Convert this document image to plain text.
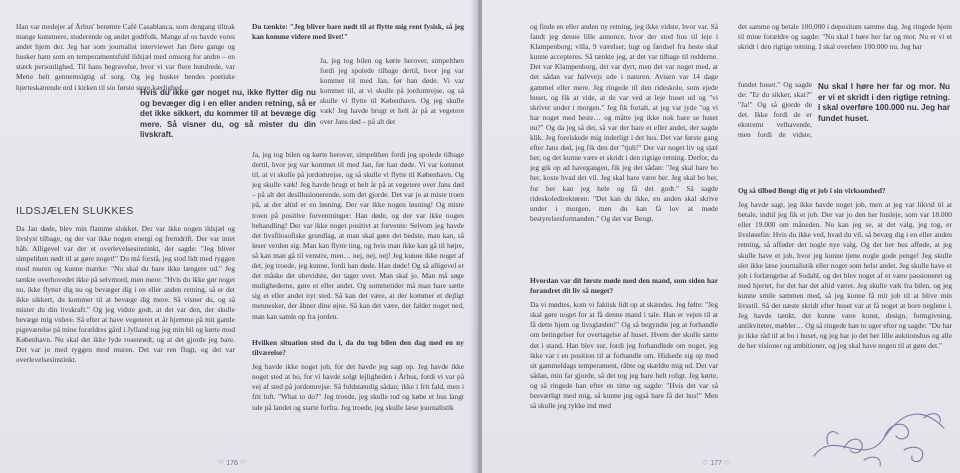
Han var medejer af Århus' berømte Café Casablanca, som dengang tiltrak mange kunstnere, studerende og andet godtfolk. Mange af os havde vores andet hjem der. Jeg har som journalist interviewet Jan flere gange og husker ham som en temperamentsfuld ildsjæl med omsorg for andre – en stærk personlighed. Til hans begravelse, hvor vi var flere hundrede, var Mette helt gennemsigtig af sorg. Og jeg husker hendes poetiske hjerteskærende ord i kirken til sin første store kærlighed…

ILDSJÆLEN SLUKKES

Da Jan døde, blev min flamme slukket. Der var ikke nogen ildsjæl og livslyst tilbage, og der var ikke nogen energi og fremdrift. Der var intet håb. Alligevel var der et overlevelsesinstinkt, der sagde: "Jeg bliver simpelthen nødt til at gøre noget!" Du må forstå, jeg stod lidt med ryggen mod muren og kunne mærke: "Nu skal du bare ikke længere ud." Jeg tænkte overhovedet ikke på selvmord, men mere: "Hvis du ikke gør noget nu, ikke flytter dig nu og bevæger dig i en eller anden retning, så er det ikke sikkert, du kommer til at bevæge dig mere. Så visner du, og så mister du din livskraft." Og jeg vidste godt, at det var den, der skulle bevæge mig videre. Så efter at have vegeteret et år hjemme på mit gamle pigeværelse på mine forældres gård i Jylland tog jeg min bil og kørte mod København. Nu skal det ikke lyde rosenrødt, og at det gjorde jeg bare. Det var jo med ryggen mod muren. Det var ren flugt, og det var overlevelsesinstinkt.

Du tænkte: "Jeg bliver bare nødt til at flytte mig rent fysisk, så jeg kan komme videre med livet!"

Ja, jeg tog bilen og kørte herover, simpelthen fordi jeg spolede tilbage dertil, hvor jeg var kommet til med Jan, før han døde. Vi var kommet til, at vi skulle på jordomrejse, og så skulle vi flytte til København. Og jeg skulle væk! Jeg havde brugt et helt år på at vegetere over Jans død – på alt det

Hvis du ikke gør noget nu, ikke flytter dig nu og bevæger dig i en eller anden retning, så er det ikke sikkert, du kommer til at bevæge dig mere. Så visner du, og så mister du din livskraft.

Ja, jeg tog bilen og kørte herover, simpelthen fordi jeg spolede tilbage dertil, hvor jeg var kommet til med Jan, før han døde. Vi var kommet til, at vi skulle på jordomrejse, og så skulle vi flytte til København. Og jeg skulle væk! Jeg havde brugt et helt år på at vegetere over Jans død – på alt det desillusionerende, som det gjorde. Det var jo at miste troen på, at der altid er en løsning. Der var ikke nogen løsning! Og miste troen på positive forventninger: Han døde, og der var ikke nogen behandling! Der var ikke noget positivt at forvente: Selvom jeg havde det livsfilosofiske grundlag, at man skal gøre det bedste, man kan, så løser verden sig. Man kan flytte ting, og hvis man ikke kan gå til højre, så kan man gå til venstre, men… nej, nej, nej! Jeg kunne ikke noget af det, jeg troede, jeg kunne, fordi han døde. Han døde! Og så alligevel er det måske det ubevidste, der tager over. Man skal jo. Man må søge mulighederne, gøre et eller andet. Og sommetider må man bare sætte sig et eller andet nyt sted. Så kan det være, at der kommer et dejligt mennesker, der åbner dine øjne. Så kan det være, der falder noget ned, man kan samle op fra jorden.

Hvilken situation stod du i, da du tog bilen den dag med en ny tilværelse?

Jeg havde ikke noget job, for det havde jeg sagt op. Jeg havde ikke noget sted at bo, for vi havde solgt lejligheden i Århus, fordi vi var på vej af sted på jordomrejse. Så fuldstændig sådan; ikke i frit fald, men i frit luft. "What to do?" Jeg troede, jeg skulle tud og købe et hus langt ude på landet og starte forfra. Jeg troede, jeg skulle læse journalistik

♡ 176 ♡

og finde en eller anden ny retning, jeg ikke vidste, hvor var. Så fandt jeg denne lille annonce, hvor der stod hus til leje i Klampenborg; villa, 9 værelser, lugt og færdsel fra heste skal kunne accepteres. Så tænkte jeg, at det var tilbage til redderne. Det var Klampenborg, det var dyrt, men det var noget med, at det sådan var halvvejs ude i naturen. Avisen var 14 dage gammel eller mere. Jeg ringede til den rideskole, som ejede huset, og fik at vide, at de var ved at leje huset ud og "vi skriver under i morgen." Jeg fik fortalt, at jeg var jyde "og vi har noget med heste… og måtte jeg ikke nok bare se huset nu?" Og da jeg så det, så var der bare et eller andet, der sagde klik. Jeg forelskede mig inderligt i det hus. Det var første gang efter Jans død, jeg fik den der "tjuh!" Der var noget liv og sjæl her, og det kunne være et skridt i den rigtige retning. Derfor, da jeg gik op ad havegangen, fik jeg det sådan: "Jeg skal bare bo her, koste hvad det vil. Jeg skal bare være her. Jeg skal bo her, for her kan jeg hele og få det godt." Så sagde rideskoledirektøren: "Det kan du ikke, en anden skal skrive under i morgen, men du kan få lov at møde bestyrelsesformanden." Og det var Bengt.

Hvordan var dit første møde med den mand, som siden har forandret dit liv så meget?

Da vi mødtes, kom vi faktisk lidt op at skændes. Jeg følte: "Jeg skal gøre noget for at få denne mand i tale. Han er vejen til at få dette hjem og livsglæden!" Og så begyndte jeg at forhandle om betingelser for overtagelse af huset. Hvem der skulle sætte det i stand. Han blev sur, fordi jeg forhandlede om noget, jeg ikke var i en position til at forhandle om. Hidsede sig op med sit gammeldags temperament, råbte og skældte mig ud. Det var sådan, min far gjorde, så det tog jeg bare helt roligt. Jeg kørte, og så ringede han efter en time og sagde: "Hvis det var så besværligt med mig, så kunne jeg også bare få det hus!" Men så skulle jeg rykke ind med

det samme og betale 100.000 i depositum samme dag. Jeg ringede hjem til mine forældre og sagde: "Nu skal I høre her far og mor. Nu er vi et skridt i den rigtige retning. I skal overføre 100.000 nu. Jeg har

fundet huset." Og sagde de: "Er du sikker, skat?" "Ja!" Og så gjorde de det. Ikke fordi de er ekstremt velhavende, men fordi de vidste,

Nu skal I høre her far og mor. Nu er vi et skridt i den rigtige retning. I skal overføre 100.000 nu. Jeg har fundet huset.

Og så tilbød Bengt dig et job i sin virksomhed?

Jeg havde sagt, jeg ikke havde noget job, men at jeg var likvid til at betale, indtil jeg fik et job. Der var jo den her husleje, som var 18.000 eller 19.000 om måneden. Nu kan jeg se, at det valg, jeg tog, er livsløsefin: Hvis du ikke ved, hvad du vil, så bevæg dig i en eller anden retning, så afføder det nogle nye valg. Og det her hus afføde, at jeg skulle have et job, hvor jeg kunne tjene nogle gode penge! Jeg skulle slet ikke læse journalistik eller noget som helst andet. Jeg skulle have et job i forlængelse af Sodahl, og det blev noget af et være passioneret og med hjertet, for det har det altid været. Jeg skulle væk fra bilen, og jeg kunne smile sammen med, så jeg kunne få mit job til at blive min livsstil. Så det næste skridt efter huset var at få noget at bore neglene i. Jeg havde tænkt, det kunne være kunst, design, formgivning, antikviteter, møbler… Og så ringede han to uger efter og sagde: "Du har jo ikke råd til at bo i huset, og jeg har jo det her lille auktionshus og alle de her visioner og ambitioner, og jeg skal have nogen til at gøre det."

♡ 177 ♡
